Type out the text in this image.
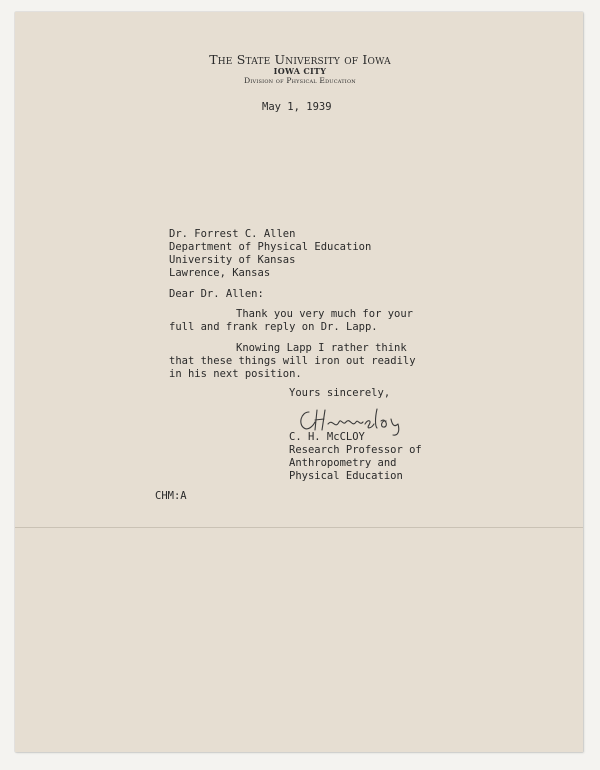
The State University of Iowa
IOWA CITY
Division of Physical Education
May 1, 1939
Dr. Forrest C. Allen
Department of Physical Education
University of Kansas
Lawrence, Kansas
Dear Dr. Allen:
Thank you very much for your
full and frank reply on Dr. Lapp.
Knowing Lapp I rather think
that these things will iron out readily
in his next position.
Yours sincerely,
C. H. McCLOY
Research Professor of
Anthropometry and
Physical Education
CHM:A
